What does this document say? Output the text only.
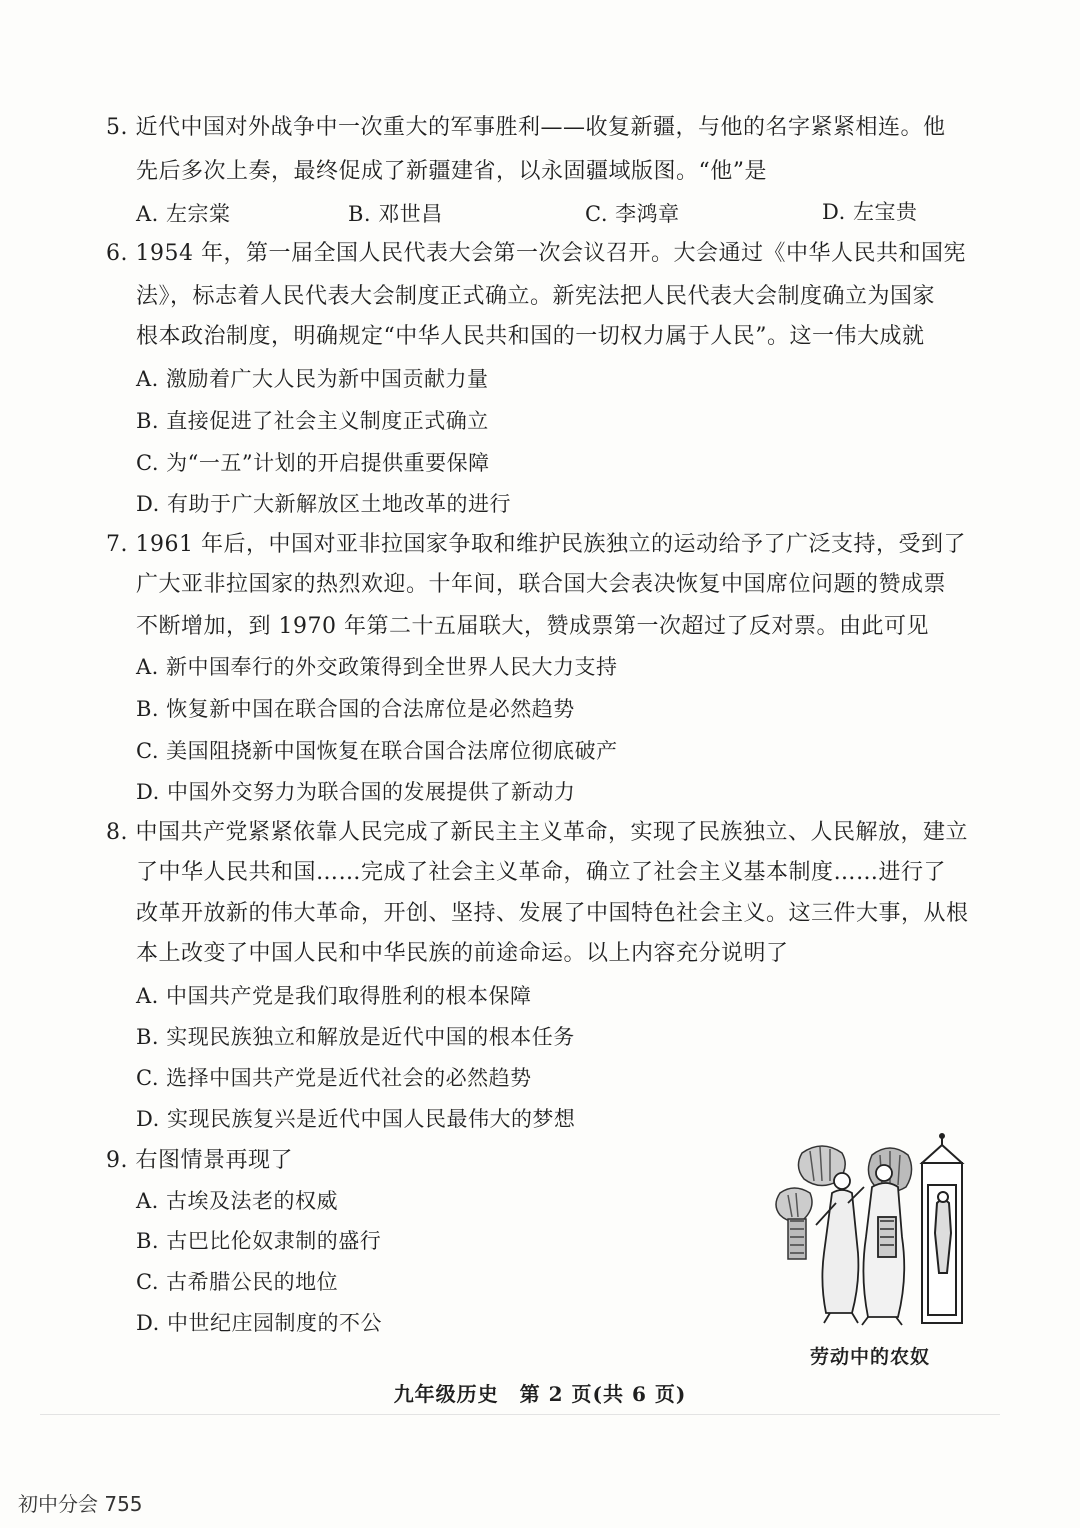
5. 近代中国对外战争中一次重大的军事胜利——收复新疆，与他的名字紧紧相连。他
先后多次上奏，最终促成了新疆建省，以永固疆域版图。“他”是
A. 左宗棠	B. 邓世昌	C. 李鸿章	D. 左宝贵
6. 1954 年，第一届全国人民代表大会第一次会议召开。大会通过《中华人民共和国宪
法》，标志着人民代表大会制度正式确立。新宪法把人民代表大会制度确立为国家
根本政治制度，明确规定“中华人民共和国的一切权力属于人民”。这一伟大成就
A. 激励着广大人民为新中国贡献力量
B. 直接促进了社会主义制度正式确立
C. 为“一五”计划的开启提供重要保障
D. 有助于广大新解放区土地改革的进行
7. 1961 年后，中国对亚非拉国家争取和维护民族独立的运动给予了广泛支持，受到了
广大亚非拉国家的热烈欢迎。十年间，联合国大会表决恢复中国席位问题的赞成票
不断增加，到 1970 年第二十五届联大，赞成票第一次超过了反对票。由此可见
A. 新中国奉行的外交政策得到全世界人民大力支持
B. 恢复新中国在联合国的合法席位是必然趋势
C. 美国阻挠新中国恢复在联合国合法席位彻底破产
D. 中国外交努力为联合国的发展提供了新动力
8. 中国共产党紧紧依靠人民完成了新民主主义革命，实现了民族独立、人民解放，建立
了中华人民共和国……完成了社会主义革命，确立了社会主义基本制度……进行了
改革开放新的伟大革命，开创、坚持、发展了中国特色社会主义。这三件大事，从根
本上改变了中国人民和中华民族的前途命运。以上内容充分说明了
A. 中国共产党是我们取得胜利的根本保障
B. 实现民族独立和解放是近代中国的根本任务
C. 选择中国共产党是近代社会的必然趋势
D. 实现民族复兴是近代中国人民最伟大的梦想
9. 右图情景再现了
A. 古埃及法老的权威
B. 古巴比伦奴隶制的盛行
C. 古希腊公民的地位
D. 中世纪庄园制度的不公
劳动中的农奴
九年级历史　第 2 页(共 6 页)
初中分会 755
